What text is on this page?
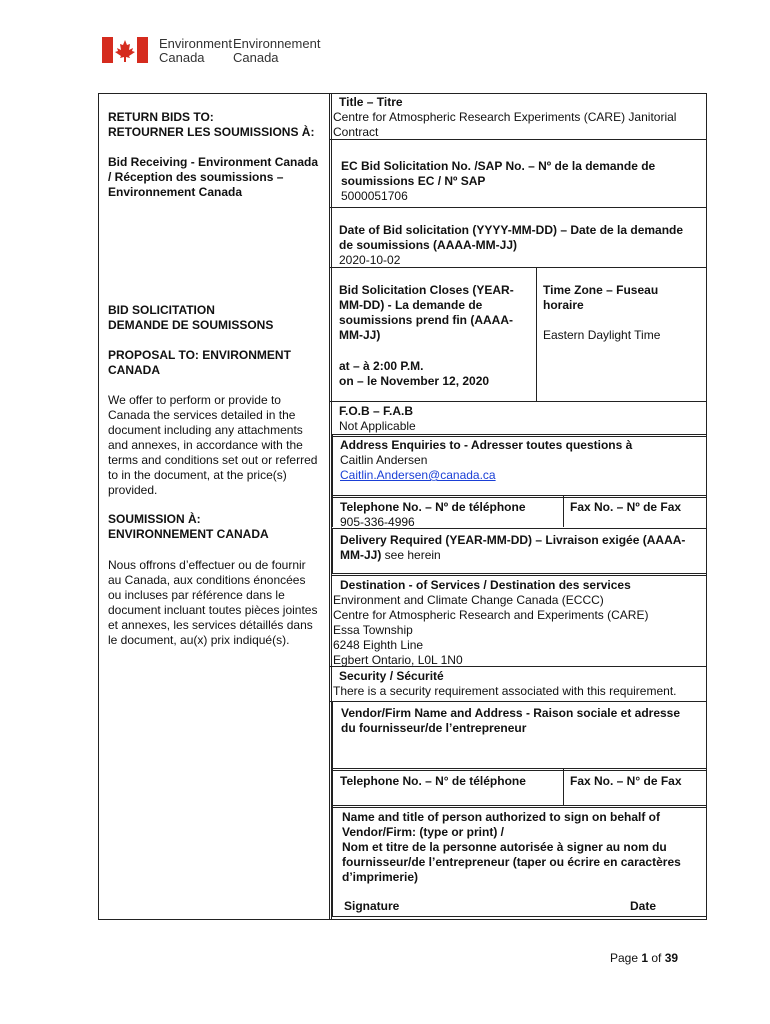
Environment
Canada
Environnement
Canada
RETURN BIDS TO:
RETOURNER LES SOUMISSIONS À:
Bid Receiving - Environment Canada
/ Réception des soumissions –
Environnement Canada
BID SOLICITATION
DEMANDE DE SOUMISSONS
PROPOSAL TO: ENVIRONMENT
CANADA
We offer to perform or provide to
Canada the services detailed in the
document including any attachments
and annexes, in accordance with the
terms and conditions set out or referred
to in the document, at the price(s)
provided.
SOUMISSION À:
ENVIRONNEMENT CANADA
Nous offrons d’effectuer ou de fournir
au Canada, aux conditions énoncées
ou incluses par référence dans le
document incluant toutes pièces jointes
et annexes, les services détaillés dans
le document, au(x) prix indiqué(s).
Title – Titre
Centre for Atmospheric Research Experiments (CARE) Janitorial
Contract
EC Bid Solicitation No. /SAP No. – Nº de la demande de
soumissions EC / Nº SAP
5000051706
Date of Bid solicitation (YYYY-MM-DD) – Date de la demande
de soumissions (AAAA-MM-JJ)
2020-10-02
Bid Solicitation Closes (YEAR-
MM-DD) - La demande de
soumissions prend fin (AAAA-
MM-JJ)
at – à 2:00 P.M.
on – le November 12, 2020
Time Zone – Fuseau
horaire
Eastern Daylight Time
F.O.B – F.A.B
Not Applicable
Address Enquiries to - Adresser toutes questions à
Caitlin Andersen
Caitlin.Andersen@canada.ca
Telephone No. – Nº de téléphone
905-336-4996
Fax No. – Nº de Fax
Delivery Required (YEAR-MM-DD) – Livraison exigée (AAAA-
MM-JJ) see herein
Destination - of Services / Destination des services
Environment and Climate Change Canada (ECCC)
Centre for Atmospheric Research and Experiments (CARE)
Essa Township
6248 Eighth Line
Egbert Ontario, L0L 1N0
Security / Sécurité
There is a security requirement associated with this requirement.
Vendor/Firm Name and Address - Raison sociale et adresse
du fournisseur/de l’entrepreneur
Telephone No. – N° de téléphone	Fax No. – N° de Fax
Name and title of person authorized to sign on behalf of
Vendor/Firm: (type or print) /
Nom et titre de la personne autorisée à signer au nom du
fournisseur/de l’entrepreneur (taper ou écrire en caractères
d’imprimerie)
Signature	Date
Page 1 of 39
